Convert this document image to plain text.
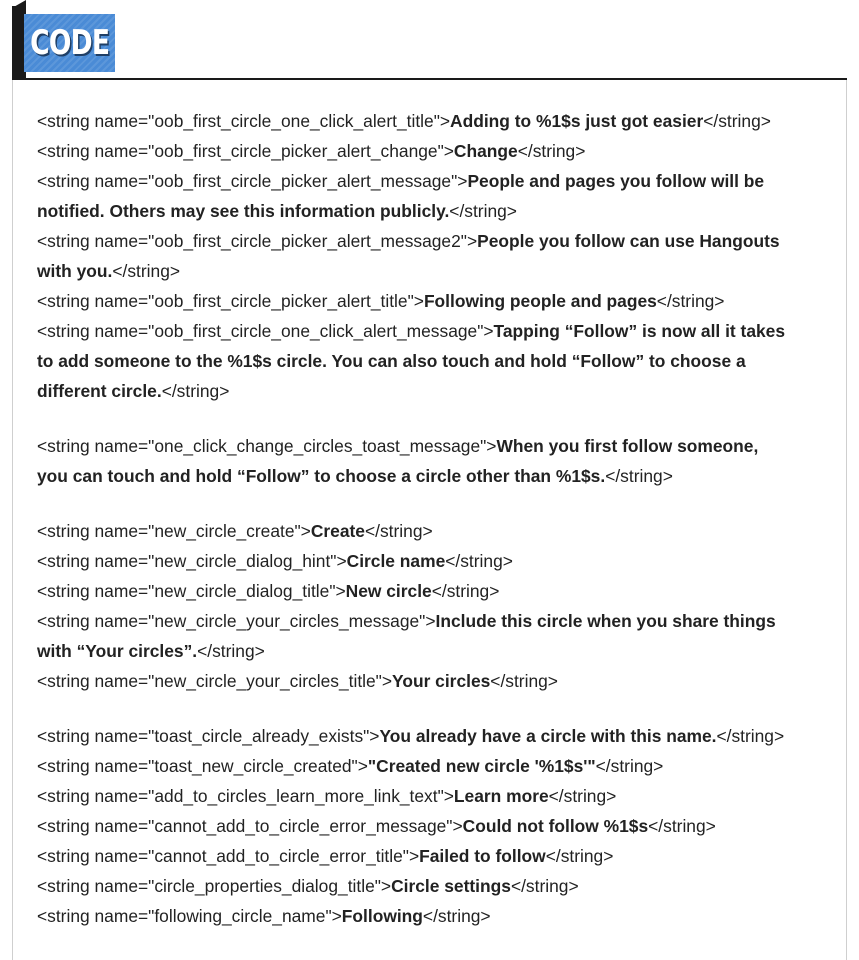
CODE
<string name="oob_first_circle_one_click_alert_title">Adding to %1$s just got easier</string>
<string name="oob_first_circle_picker_alert_change">Change</string>
<string name="oob_first_circle_picker_alert_message">People and pages you follow will be
notified. Others may see this information publicly.</string>
<string name="oob_first_circle_picker_alert_message2">People you follow can use Hangouts
with you.</string>
<string name="oob_first_circle_picker_alert_title">Following people and pages</string>
<string name="oob_first_circle_one_click_alert_message">Tapping “Follow” is now all it takes
to add someone to the %1$s circle. You can also touch and hold “Follow” to choose a
different circle.</string>
<string name="one_click_change_circles_toast_message">When you first follow someone,
you can touch and hold “Follow” to choose a circle other than %1$s.</string>
<string name="new_circle_create">Create</string>
<string name="new_circle_dialog_hint">Circle name</string>
<string name="new_circle_dialog_title">New circle</string>
<string name="new_circle_your_circles_message">Include this circle when you share things
with “Your circles”.</string>
<string name="new_circle_your_circles_title">Your circles</string>
<string name="toast_circle_already_exists">You already have a circle with this name.</string>
<string name="toast_new_circle_created">"Created new circle '%1$s'"</string>
<string name="add_to_circles_learn_more_link_text">Learn more</string>
<string name="cannot_add_to_circle_error_message">Could not follow %1$s</string>
<string name="cannot_add_to_circle_error_title">Failed to follow</string>
<string name="circle_properties_dialog_title">Circle settings</string>
<string name="following_circle_name">Following</string>
